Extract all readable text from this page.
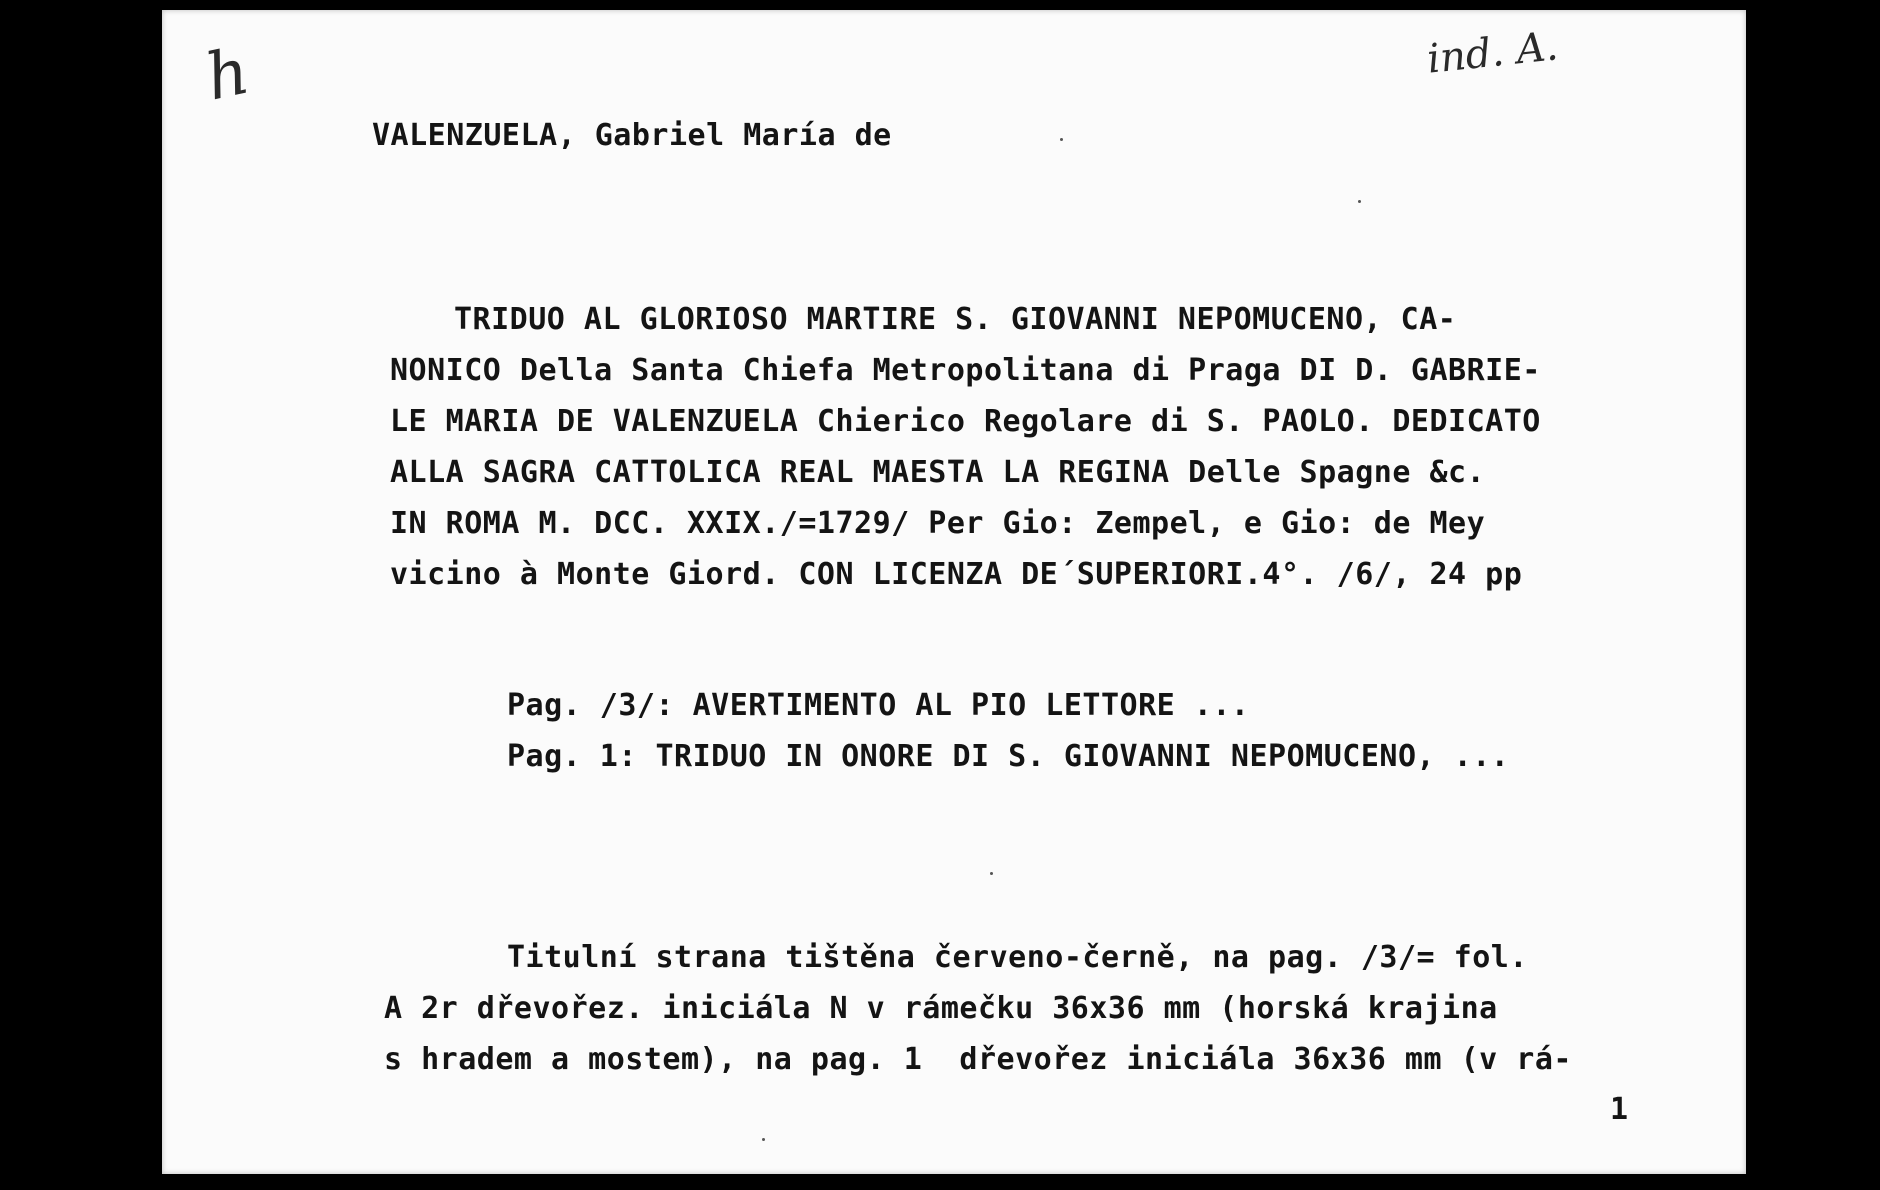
h	ind. A.

VALENZUELA, Gabriel María de

TRIDUO AL GLORIOSO MARTIRE S. GIOVANNI NEPOMUCENO, CA-

NONICO Della Santa Chiefa Metropolitana di Praga DI D. GABRIE-

LE MARIA DE VALENZUELA Chierico Regolare di S. PAOLO. DEDICATO

ALLA SAGRA CATTOLICA REAL MAESTA LA REGINA Delle Spagne &c.

IN ROMA M. DCC. XXIX./=1729/ Per Gio: Zempel, e Gio: de Mey

vicino à Monte Giord. CON LICENZA DE´SUPERIORI.4°. /6/, 24 pp

Pag. /3/: AVERTIMENTO AL PIO LETTORE ...

Pag. 1: TRIDUO IN ONORE DI S. GIOVANNI NEPOMUCENO, ...

Titulní strana tištěna červeno-černě, na pag. /3/= fol.

A 2r dřevořez. iniciála N v rámečku 36x36 mm (horská krajina

s hradem a mostem), na pag. 1  dřevořez iniciála 36x36 mm (v rá-

1
